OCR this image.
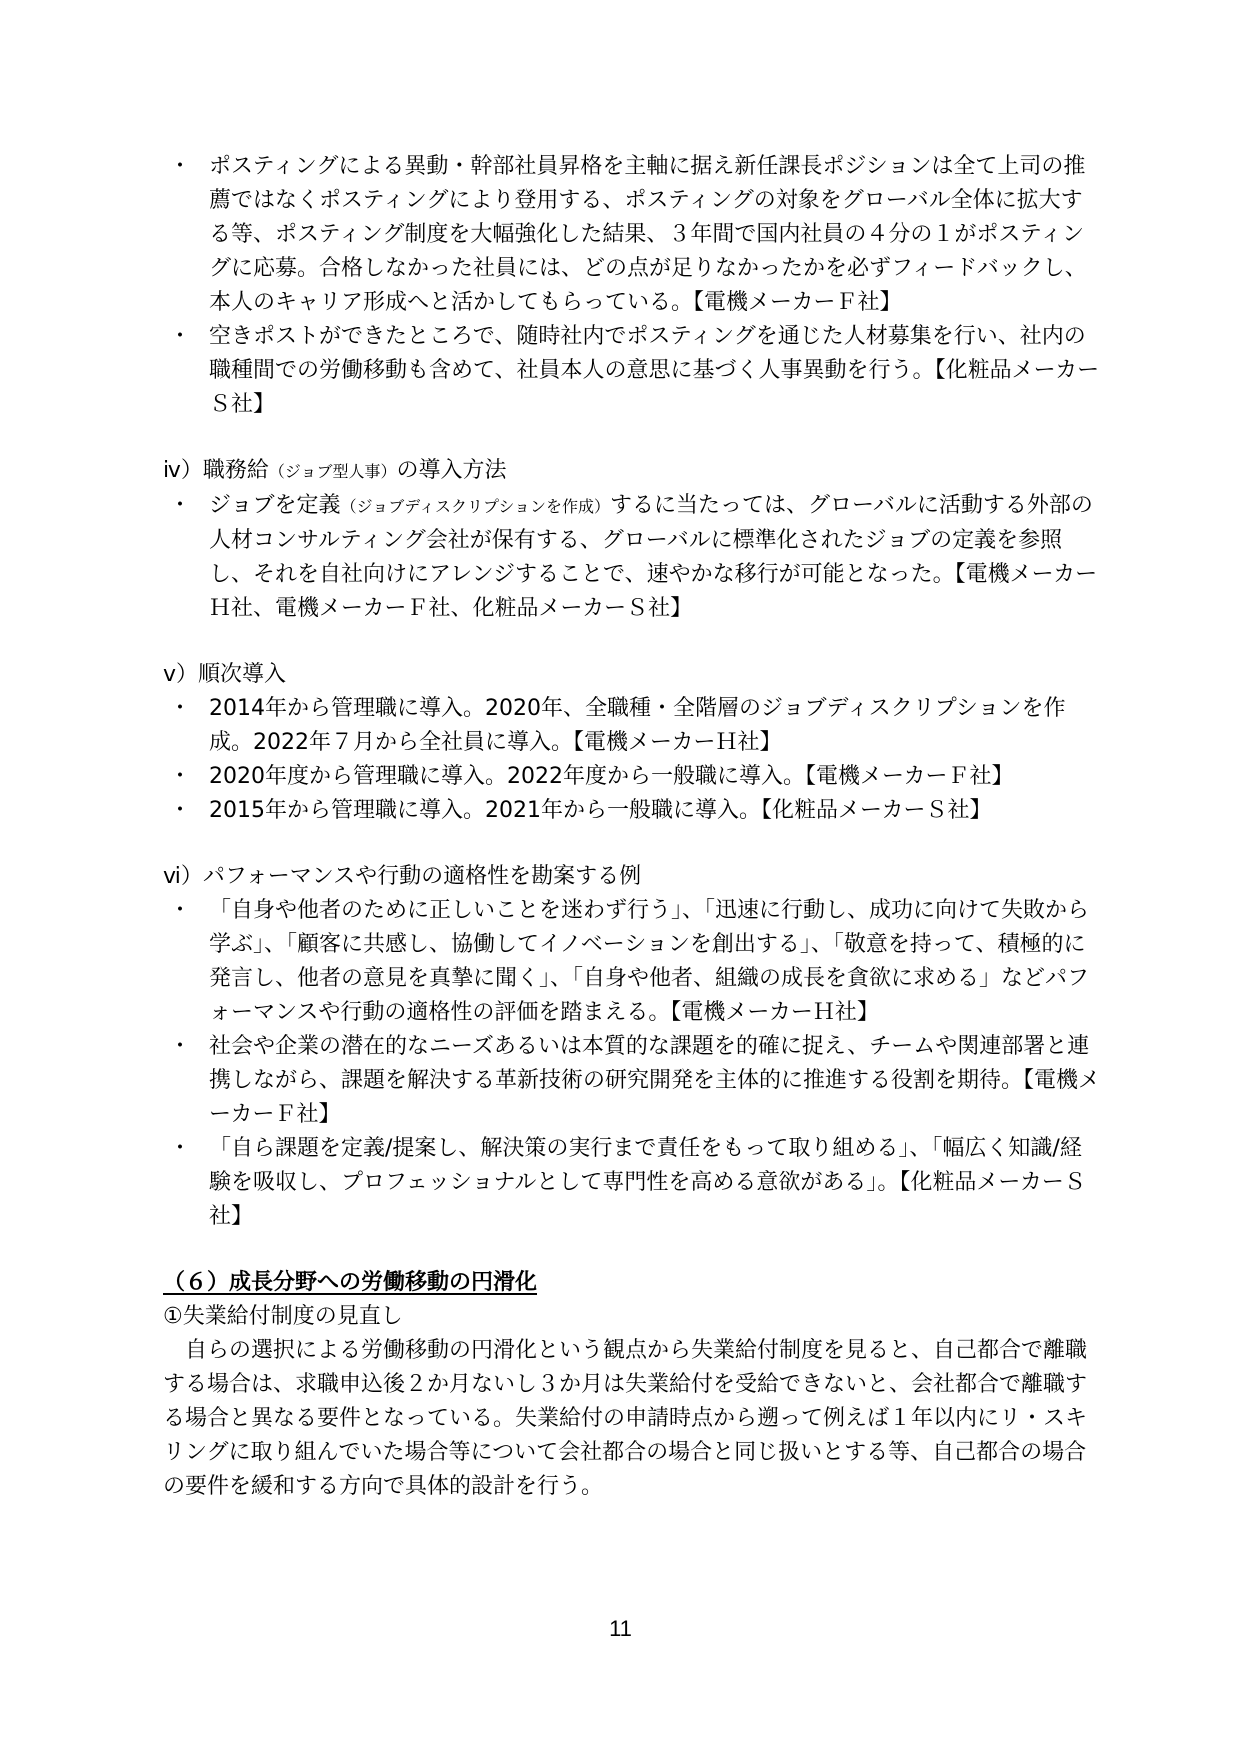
・ ポスティングによる異動・幹部社員昇格を主軸に据え新任課長ポジションは全て上司の推薦ではなくポスティングにより登用する、ポスティングの対象をグローバル全体に拡大する等、ポスティング制度を大幅強化した結果、３年間で国内社員の４分の１がポスティングに応募。合格しなかった社員には、どの点が足りなかったかを必ずフィードバックし、本人のキャリア形成へと活かしてもらっている。【電機メーカーＦ社】
・ 空きポストができたところで、随時社内でポスティングを通じた人材募集を行い、社内の職種間での労働移動も含めて、社員本人の意思に基づく人事異動を行う。【化粧品メーカーＳ社】

ⅳ）職務給（ジョブ型人事）の導入方法

・ ジョブを定義（ジョブディスクリプションを作成）するに当たっては、グローバルに活動する外部の人材コンサルティング会社が保有する、グローバルに標準化されたジョブの定義を参照し、それを自社向けにアレンジすることで、速やかな移行が可能となった。【電機メーカーＨ社、電機メーカーＦ社、化粧品メーカーＳ社】

ⅴ）順次導入

・ 2014年から管理職に導入。2020年、全職種・全階層のジョブディスクリプションを作成。2022年７月から全社員に導入。【電機メーカーＨ社】
・ 2020年度から管理職に導入。2022年度から一般職に導入。【電機メーカーＦ社】
・ 2015年から管理職に導入。2021年から一般職に導入。【化粧品メーカーＳ社】

ⅵ）パフォーマンスや行動の適格性を勘案する例

・ 「自身や他者のために正しいことを迷わず行う」、「迅速に行動し、成功に向けて失敗から学ぶ」、「顧客に共感し、協働してイノベーションを創出する」、「敬意を持って、積極的に発言し、他者の意見を真摯に聞く」、「自身や他者、組織の成長を貪欲に求める」などパフォーマンスや行動の適格性の評価を踏まえる。【電機メーカーＨ社】
・ 社会や企業の潜在的なニーズあるいは本質的な課題を的確に捉え、チームや関連部署と連携しながら、課題を解決する革新技術の研究開発を主体的に推進する役割を期待。【電機メーカーＦ社】
・ 「自ら課題を定義/提案し、解決策の実行まで責任をもって取り組める」、「幅広く知識/経験を吸収し、プロフェッショナルとして専門性を高める意欲がある」。【化粧品メーカーＳ社】

（６）成長分野への労働移動の円滑化

①失業給付制度の見直し

自らの選択による労働移動の円滑化という観点から失業給付制度を見ると、自己都合で離職する場合は、求職申込後２か月ないし３か月は失業給付を受給できないと、会社都合で離職する場合と異なる要件となっている。失業給付の申請時点から遡って例えば１年以内にリ・スキリングに取り組んでいた場合等について会社都合の場合と同じ扱いとする等、自己都合の場合の要件を緩和する方向で具体的設計を行う。

11
